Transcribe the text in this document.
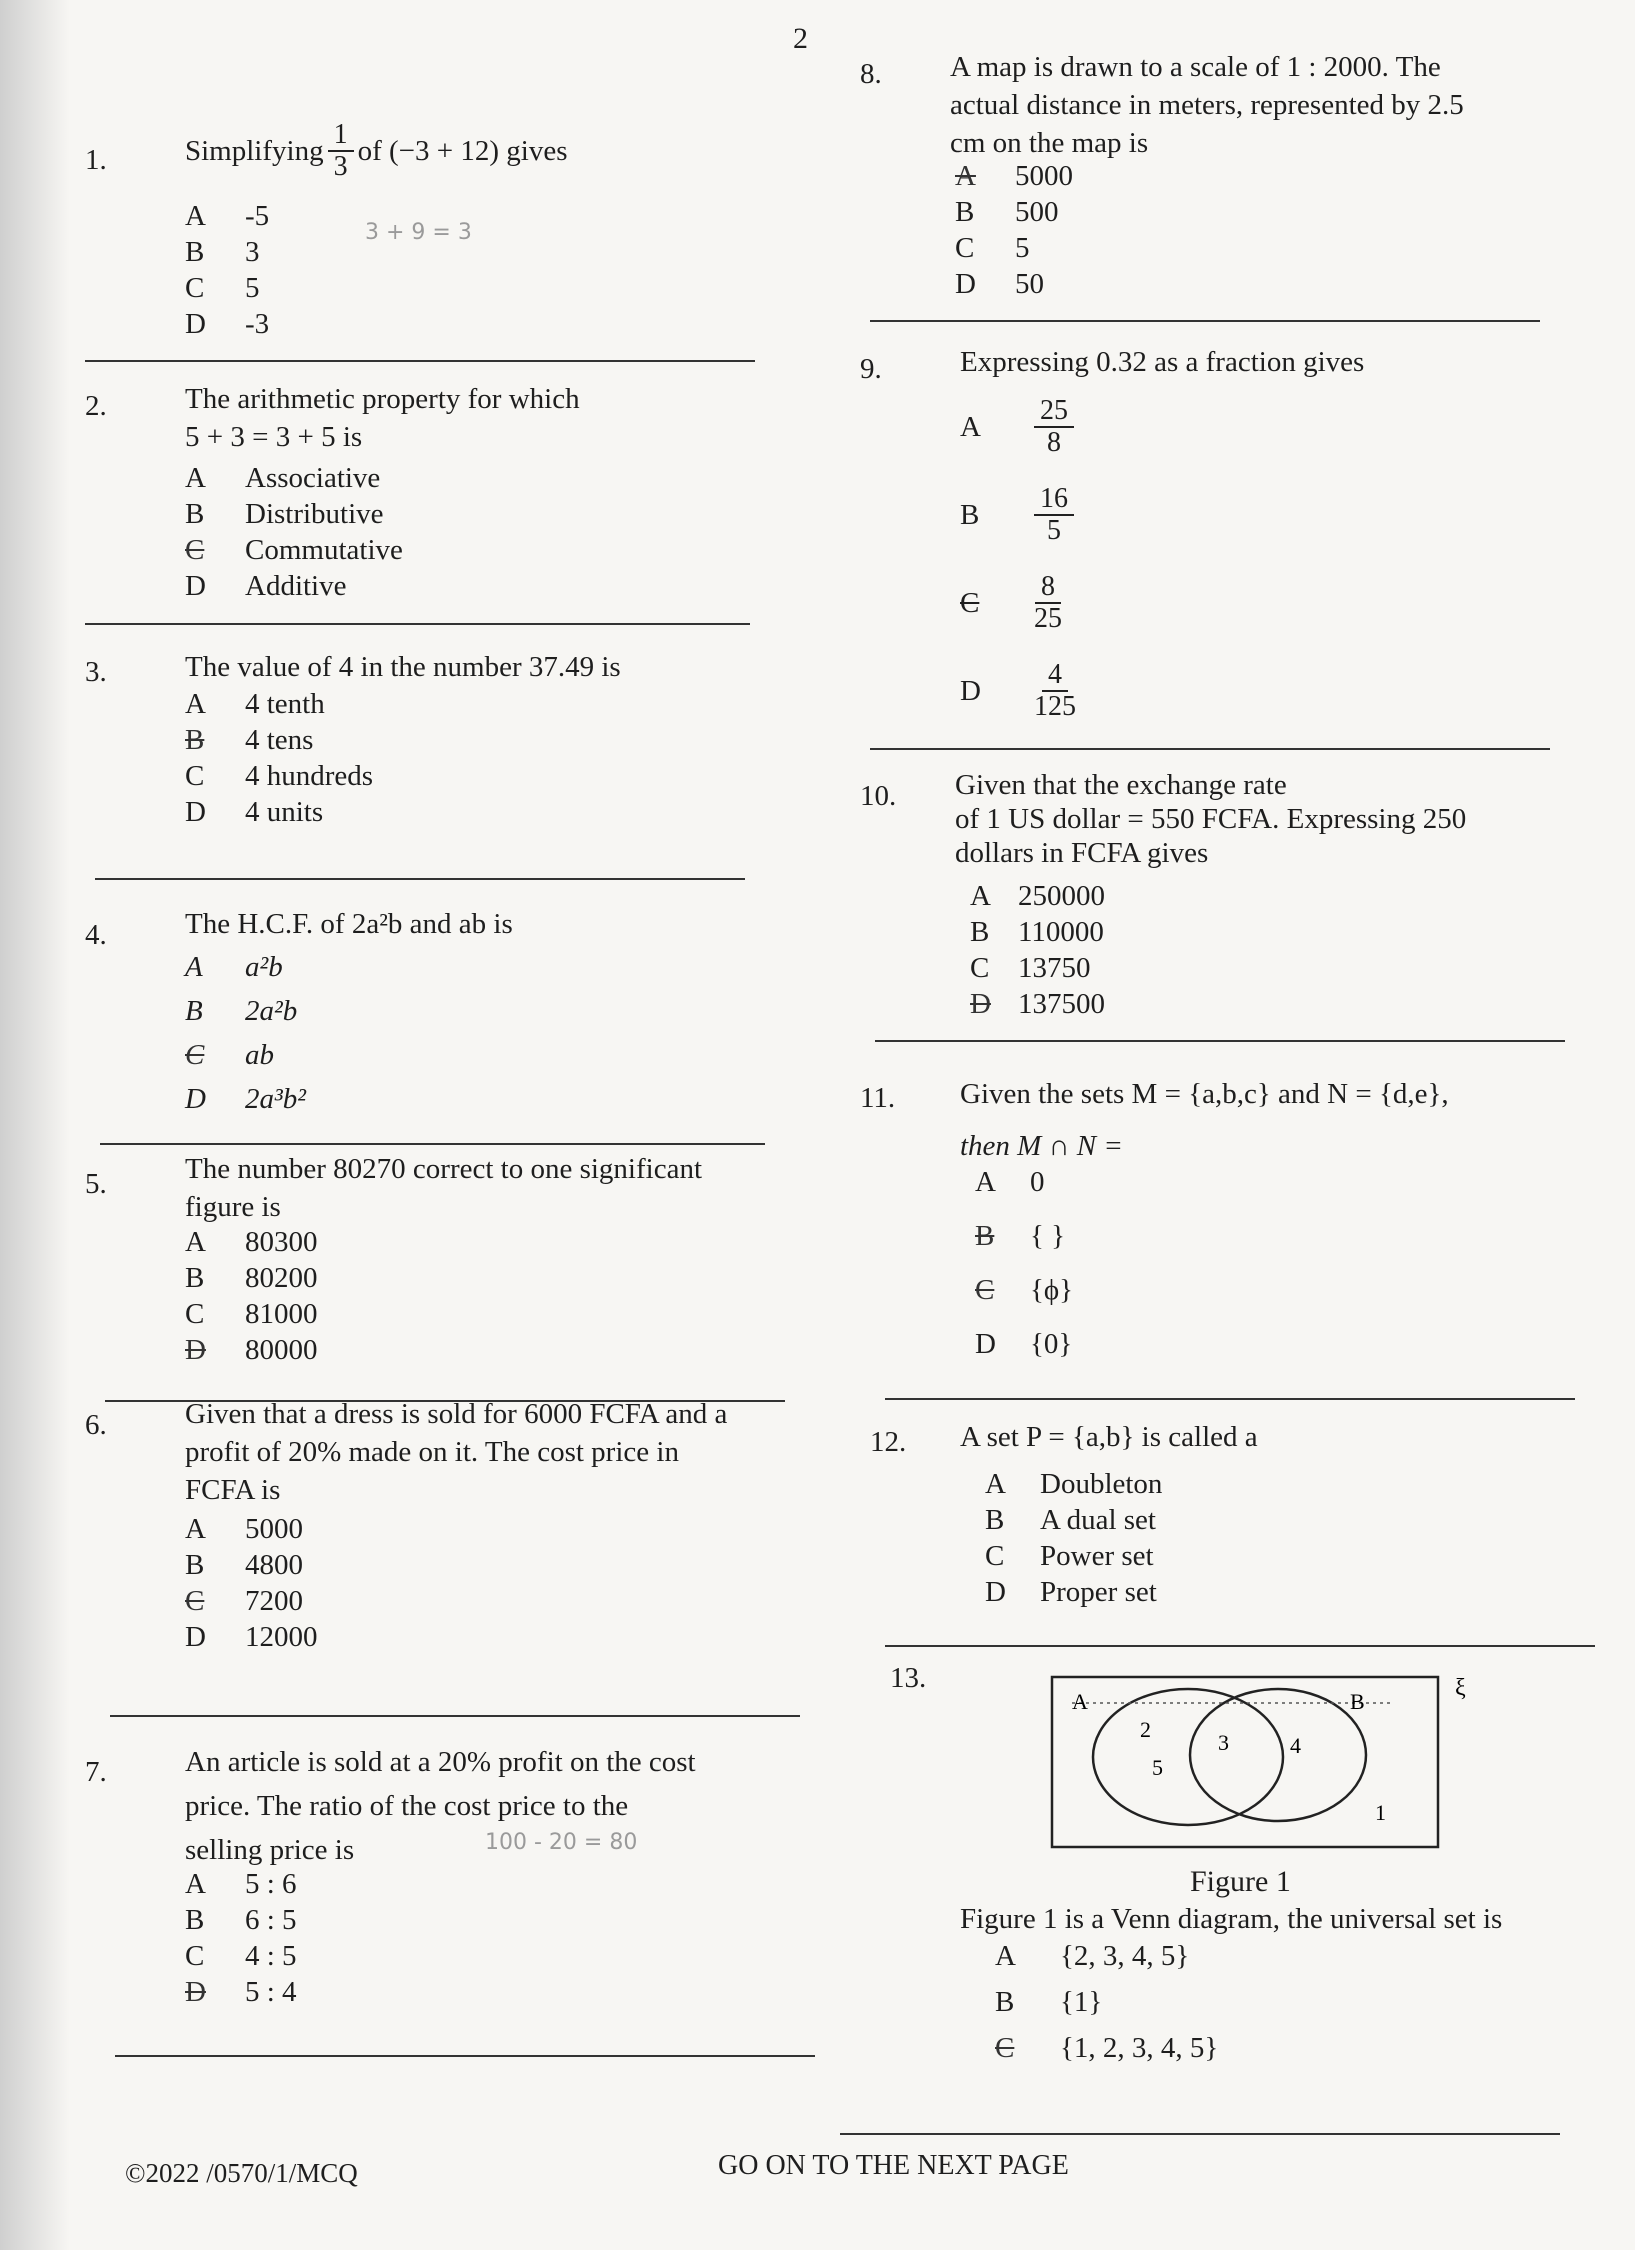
2
1.	Simplifying $\frac{1}{3}$ of (−3 + 12) gives
A	-5
B	3
C	5
D	-3
2.	The arithmetic property for which
5 + 3 = 3 + 5 is
A	Associative
B	Distributive
C	Commutative
D	Additive
3.	The value of 4 in the number 37.49 is
A	4 tenth
B	4 tens
C	4 hundreds
D	4 units
4.	The H.C.F. of 2a²b and ab is
A	a²b
B	2a²b
C	ab
D	2a³b²
5.	The number 80270 correct to one significant
figure is
A	80300
B	80200
C	81000
D	80000
6.	Given that a dress is sold for 6000 FCFA and a
profit of 20% made on it. The cost price in
FCFA is
A	5000
B	4800
C	7200
D	12000
7.	An article is sold at a 20% profit on the cost
price. The ratio of the cost price to the
selling price is
A	5 : 6
B	6 : 5
C	4 : 5
D	5 : 4
3 + 9 = 3
100 - 20 = 80
8. A map is drawn to a scale of 1 : 2000. The
actual distance in meters, represented by 2.5
cm on the map is
A	5000
B	500
C	5
D	50
9.	Expressing 0.32 as a fraction gives
A	$\frac{25}{8}$
B	$\frac{16}{5}$
C	$\frac{8}{25}$
D	$\frac{4}{125}$
10. Given that the exchange rate
of 1 US dollar = 550 FCFA. Expressing 250
dollars in FCFA gives
A 250000
B 110000
C 13750
D 137500
11. Given the sets M = {a,b,c} and N = {d,e},
then M ∩ N =
A	0
B	{ }
C	{ϕ}
D	{0}
12. A set P = {a,b} is called a
A	Doubleton
B	A dual set
C	Power set
D	Proper set
13.
A	B
ξ
2
5
3	4
1
Figure 1
Figure 1 is a Venn diagram, the universal set is
A	{2, 3, 4, 5}
B	{1}
C	{1, 2, 3, 4, 5}
©2022 /0570/1/MCQ	GO ON TO THE NEXT PAGE
